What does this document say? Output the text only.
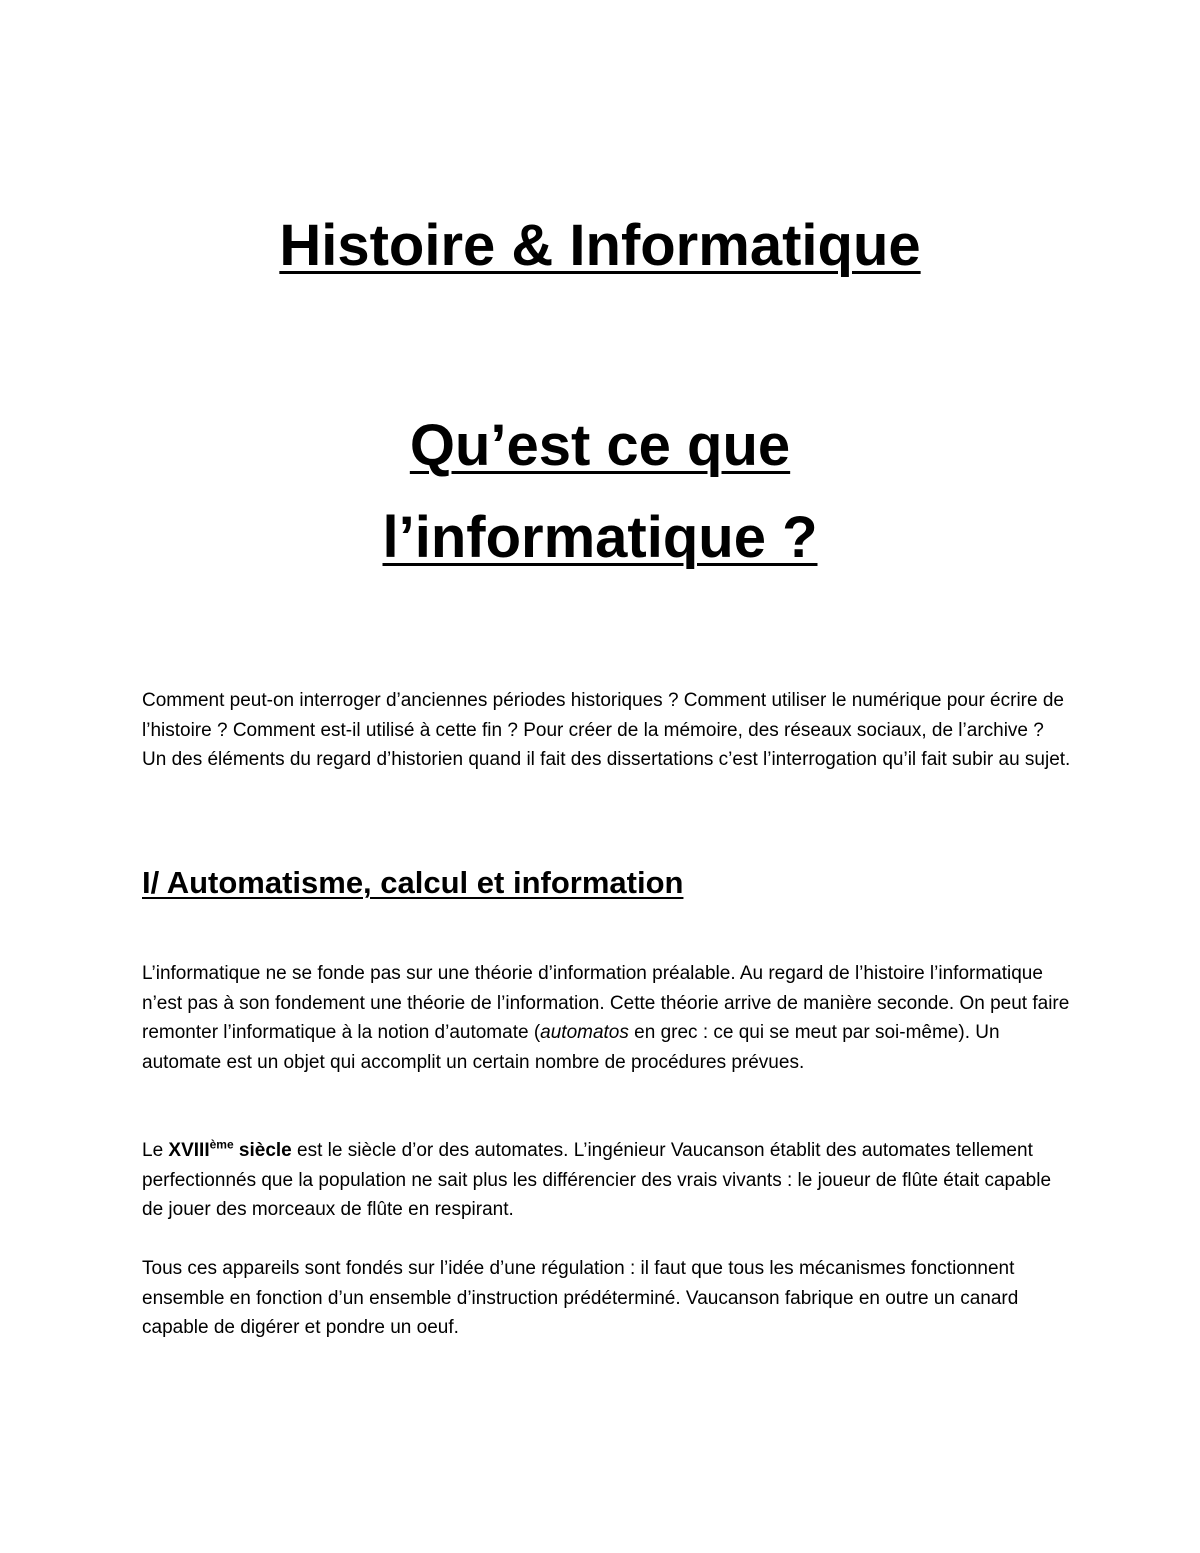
Histoire & Informatique
Qu’est ce que
l’informatique ?
Comment peut-on interroger d’anciennes périodes historiques ? Comment utiliser le numérique pour écrire de l’histoire ? Comment est-il utilisé à cette fin ? Pour créer de la mémoire, des réseaux sociaux, de l’archive ?
Un des éléments du regard d’historien quand il fait des dissertations c’est l’interrogation qu’il fait subir au sujet.
I/ Automatisme, calcul et information

L’informatique ne se fonde pas sur une théorie d’information préalable. Au regard de l’histoire l’informatique n’est pas à son fondement une théorie de l’information. Cette théorie arrive de manière seconde. On peut faire remonter l’informatique à la notion d’automate (automatos en grec : ce qui se meut par soi-même). Un automate est un objet qui accomplit un certain nombre de procédures prévues.

Le XVIIIème siècle est le siècle d’or des automates. L’ingénieur Vaucanson établit des automates tellement perfectionnés que la population ne sait plus les différencier des vrais vivants : le joueur de flûte était capable de jouer des morceaux de flûte en respirant.

Tous ces appareils sont fondés sur l’idée d’une régulation : il faut que tous les mécanismes fonctionnent ensemble en fonction d’un ensemble d’instruction prédéterminé. Vaucanson fabrique en outre un canard capable de digérer et pondre un oeuf.
